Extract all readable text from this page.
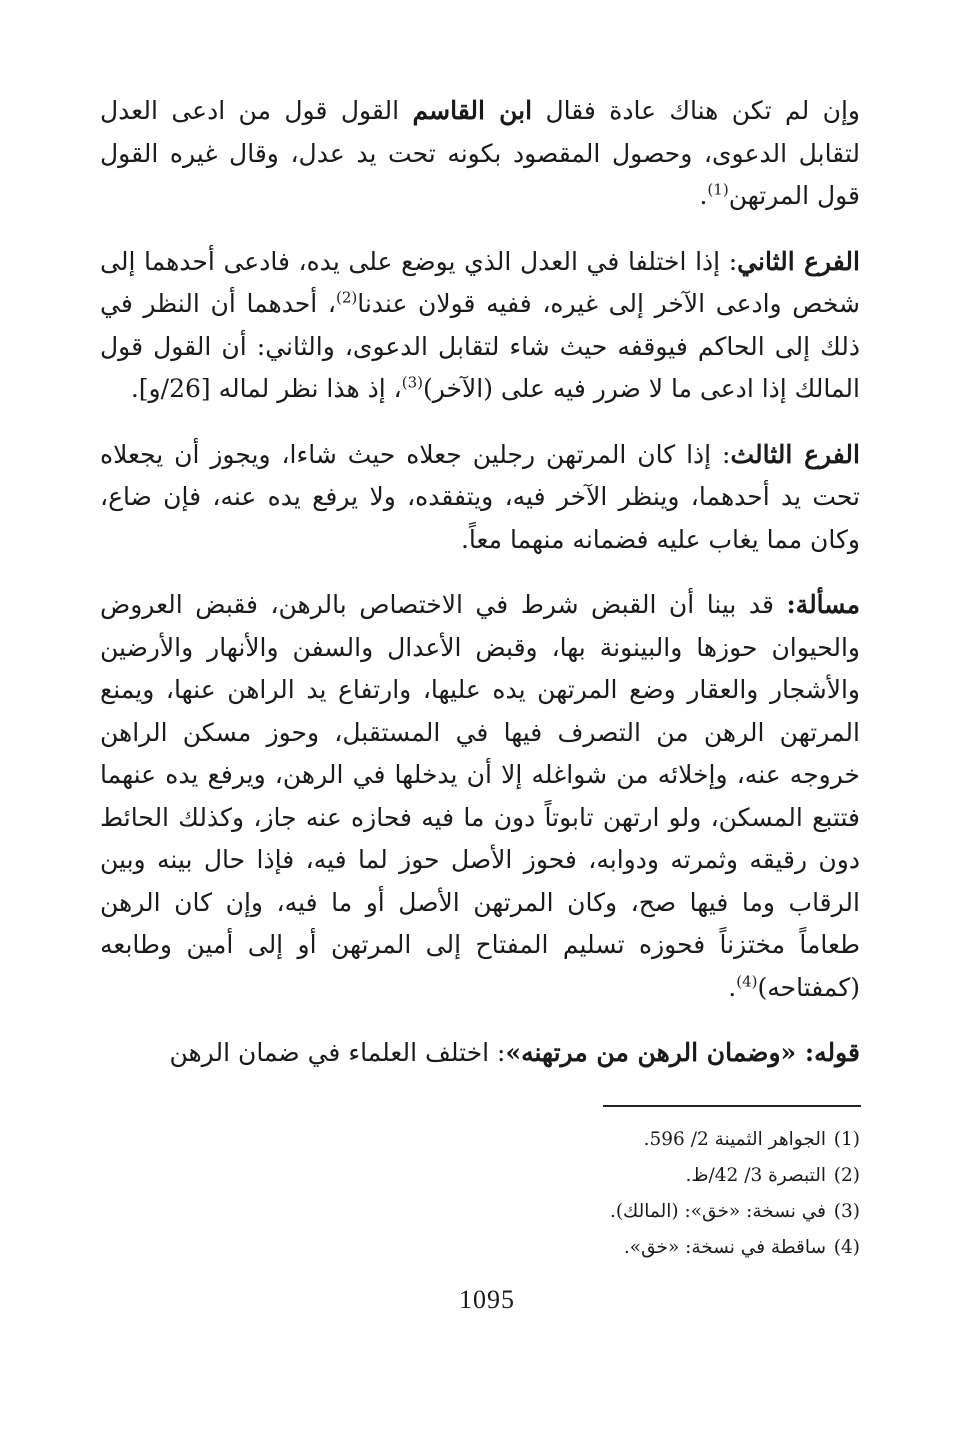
وإن لم تكن هناك عادة فقال ابن القاسم القول قول من ادعى العدل لتقابل الدعوى، وحصول المقصود بكونه تحت يد عدل، وقال غيره القول قول المرتهن$^{(1)}$.

الفرع الثاني: إذا اختلفا في العدل الذي يوضع على يده، فادعى أحدهما إلى شخص وادعى الآخر إلى غيره، ففيه قولان عندنا$^{(2)}$، أحدهما أن النظر في ذلك إلى الحاكم فيوقفه حيث شاء لتقابل الدعوى، والثاني: أن القول قول المالك إذا ادعى ما لا ضرر فيه على (الآخر)$^{(3)}$، إذ هذا نظر لماله [26/و].

الفرع الثالث: إذا كان المرتهن رجلين جعلاه حيث شاءا، ويجوز أن يجعلاه تحت يد أحدهما، وينظر الآخر فيه، ويتفقده، ولا يرفع يده عنه، فإن ضاع، وكان مما يغاب عليه فضمانه منهما معاً.

مسألة: قد بينا أن القبض شرط في الاختصاص بالرهن، فقبض العروض والحيوان حوزها والبينونة بها، وقبض الأعدال والسفن والأنهار والأرضين والأشجار والعقار وضع المرتهن يده عليها، وارتفاع يد الراهن عنها، ويمنع المرتهن الرهن من التصرف فيها في المستقبل، وحوز مسكن الراهن خروجه عنه، وإخلائه من شواغله إلا أن يدخلها في الرهن، ويرفع يده عنهما فتتبع المسكن، ولو ارتهن تابوتاً دون ما فيه فحازه عنه جاز، وكذلك الحائط دون رقيقه وثمرته ودوابه، فحوز الأصل حوز لما فيه، فإذا حال بينه وبين الرقاب وما فيها صح، وكان المرتهن الأصل أو ما فيه، وإن كان الرهن طعاماً مختزناً فحوزه تسليم المفتاح إلى المرتهن أو إلى أمين وطابعه (كمفتاحه)$^{(4)}$.

قوله: «وضمان الرهن من مرتهنه»: اختلف العلماء في ضمان الرهن

(1)الجواهر الثمينة 2/ 596.
(2)التبصرة 3/ 42/ظ.
(3)في نسخة: «خق»: (المالك).
(4)ساقطة في نسخة: «خق».
1095
